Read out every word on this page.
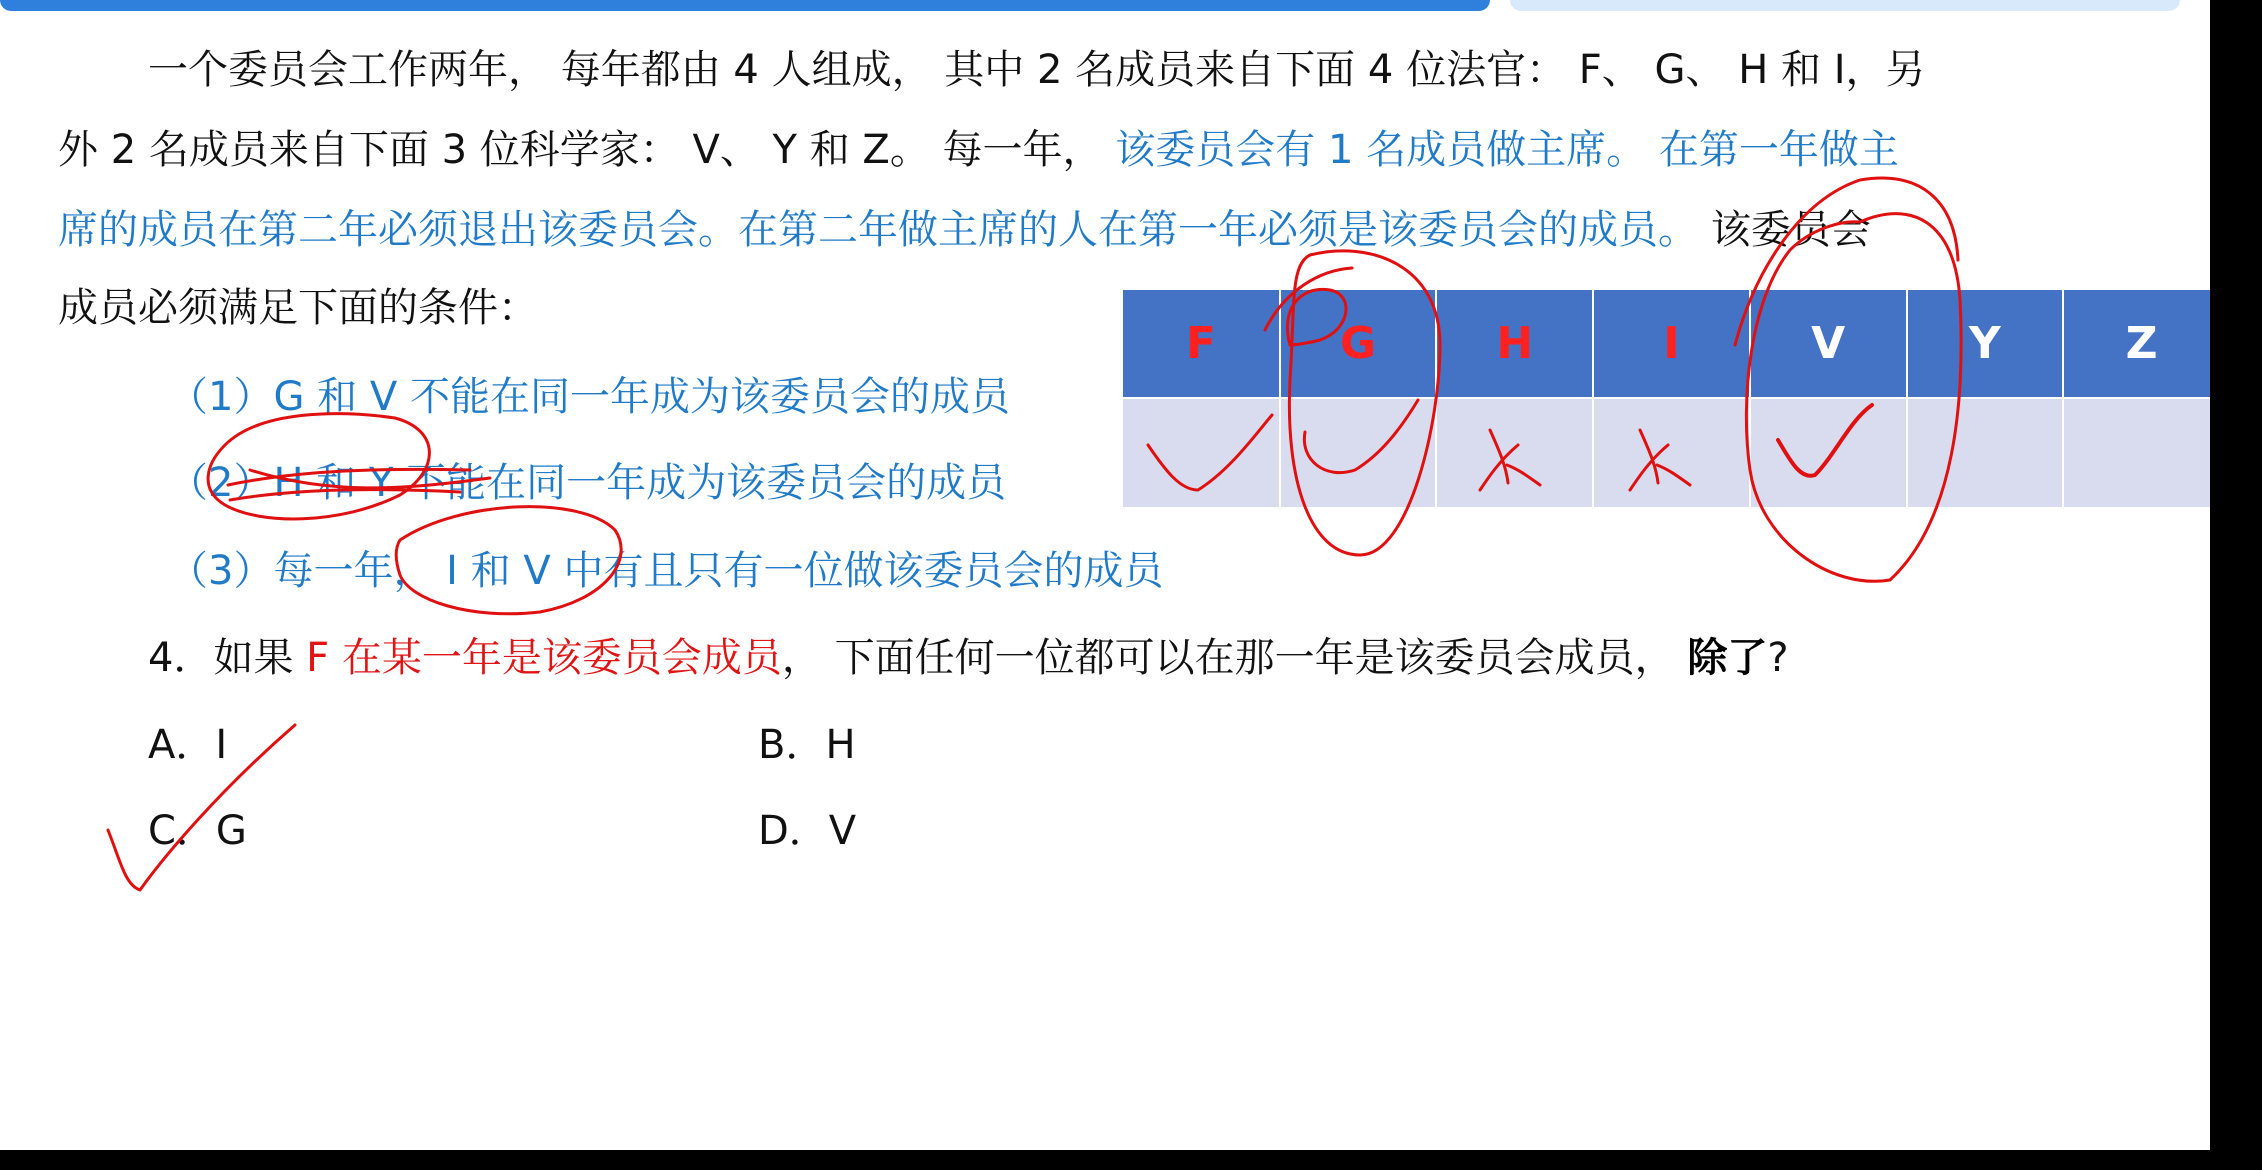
一个委员会工作两年， 每年都由 4 人组成， 其中 2 名成员来自下面 4 位法官： F、 G、 H 和 I，另
外 2 名成员来自下面 3 位科学家： V、 Y 和 Z。 每一年， 该委员会有 1 名成员做主席。 在第一年做主
席的成员在第二年必须退出该委员会。在第二年做主席的人在第一年必须是该委员会的成员。 该委员会
成员必须满足下面的条件：
（1）G 和 V 不能在同一年成为该委员会的成员
（2）H 和 Y 不能在同一年成为该委员会的成员
（3）每一年， I 和 V 中有且只有一位做该委员会的成员
4．如果 F 在某一年是该委员会成员， 下面任何一位都可以在那一年是该委员会成员， 除了?
A．I	B．H
C．G	D．V
F	G	H	I	V	Y	Z
